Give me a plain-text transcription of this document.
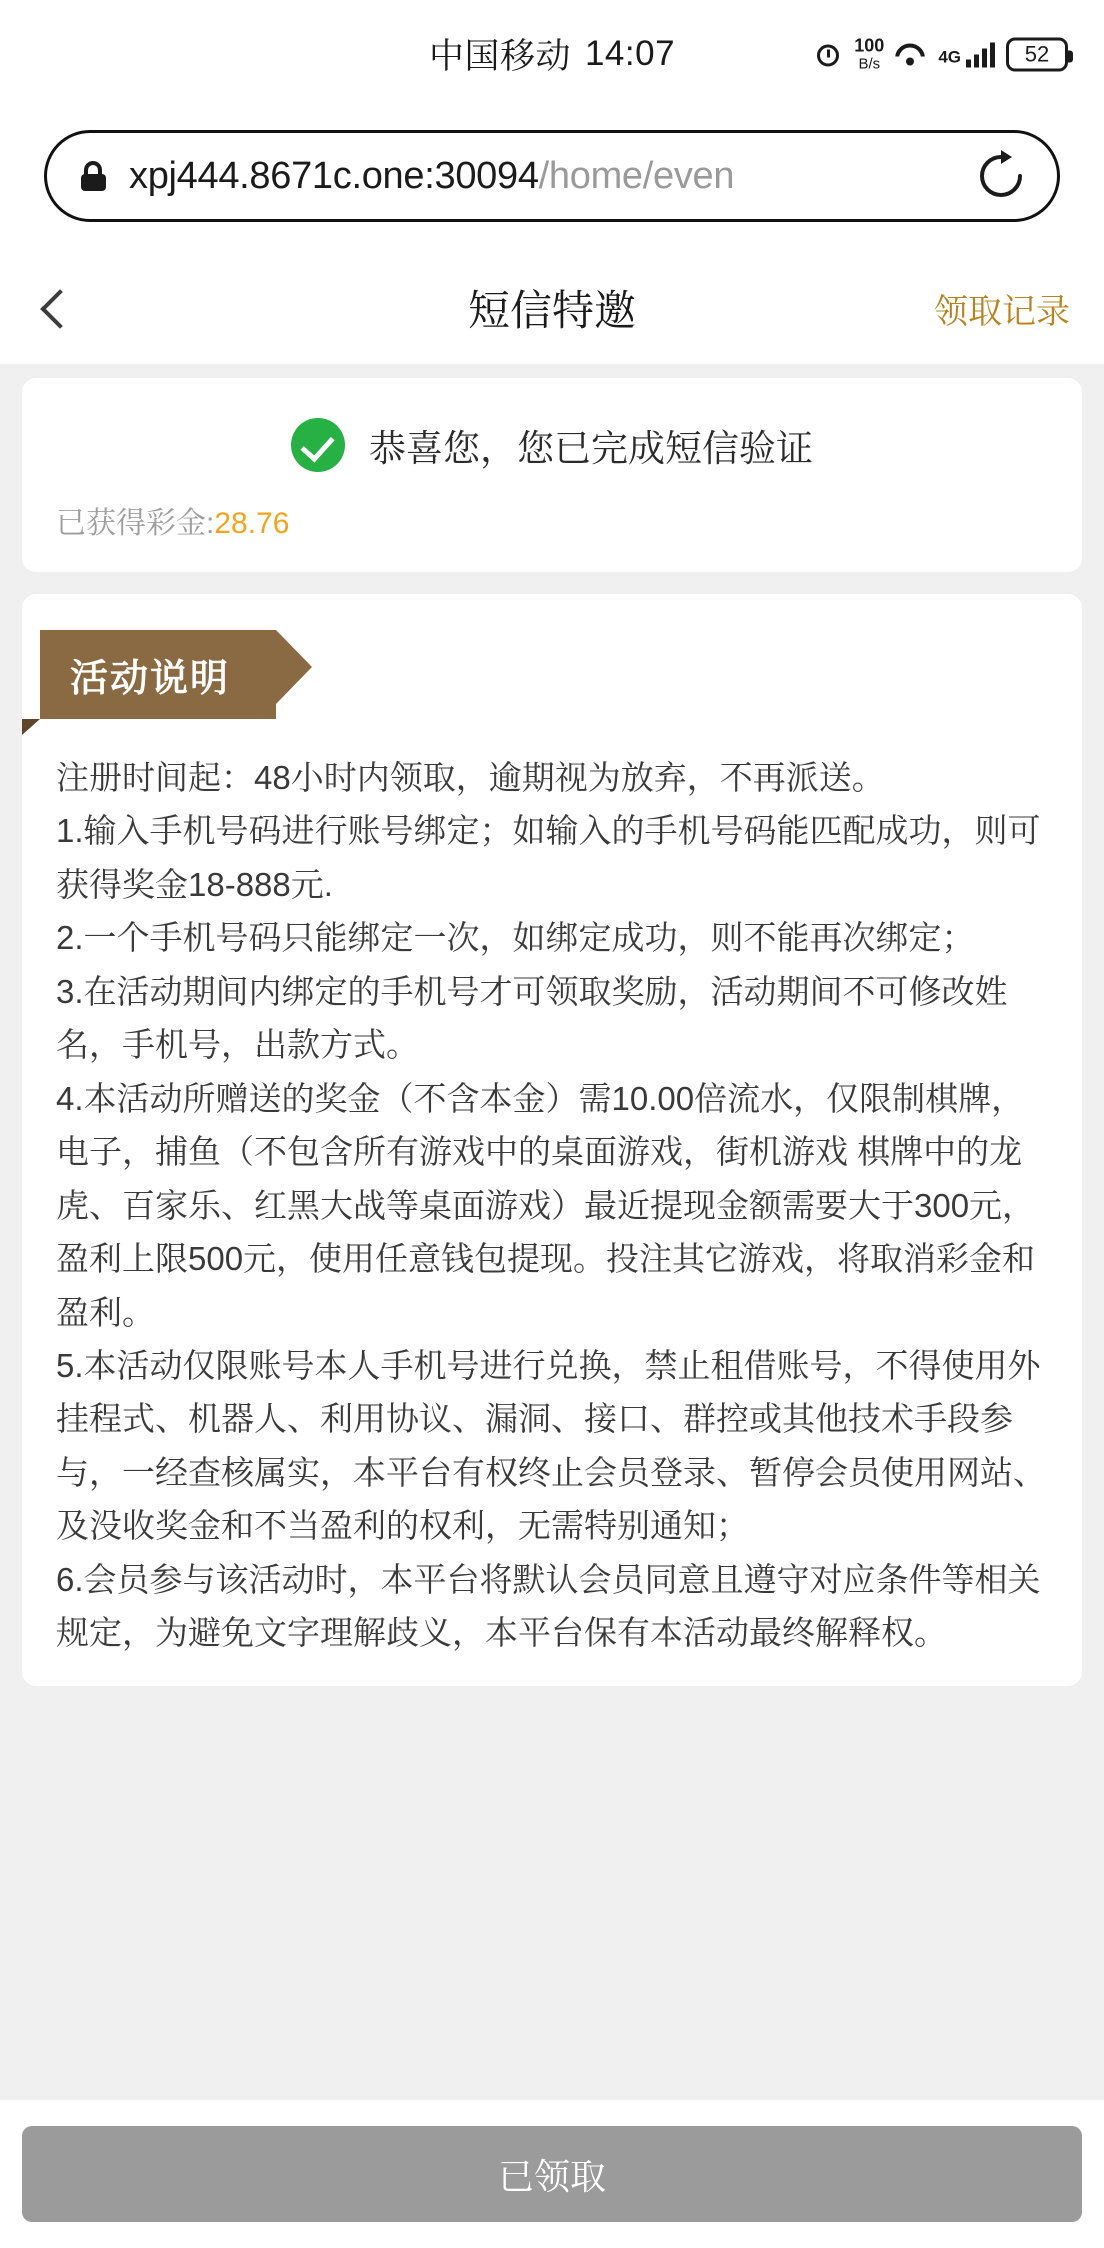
中国移动 14:07	100
B/s	4G	52
xpj444.8671c.one:30094/home/even
短信特邀	领取记录
恭喜您，您已完成短信验证
已获得彩金:28.76
活动说明

注册时间起：48小时内领取，逾期视为放弃，不再派送。

1.输入手机号码进行账号绑定；如输入的手机号码能匹配成功，则可获得奖金18-888元.

2.一个手机号码只能绑定一次，如绑定成功，则不能再次绑定；

3.在活动期间内绑定的手机号才可领取奖励，活动期间不可修改姓名，手机号，出款方式。

4.本活动所赠送的奖金（不含本金）需10.00倍流水，仅限制棋牌，电子，捕鱼（不包含所有游戏中的桌面游戏，街机游戏 棋牌中的龙虎、百家乐、红黑大战等桌面游戏）最近提现金额需要大于300元，盈利上限500元，使用任意钱包提现。投注其它游戏，将取消彩金和盈利。

5.本活动仅限账号本人手机号进行兑换，禁止租借账号，不得使用外挂程式、机器人、利用协议、漏洞、接口、群控或其他技术手段参与，一经查核属实，本平台有权终止会员登录、暂停会员使用网站、及没收奖金和不当盈利的权利，无需特别通知；

6.会员参与该活动时，本平台将默认会员同意且遵守对应条件等相关规定，为避免文字理解歧义，本平台保有本活动最终解释权。

已领取
